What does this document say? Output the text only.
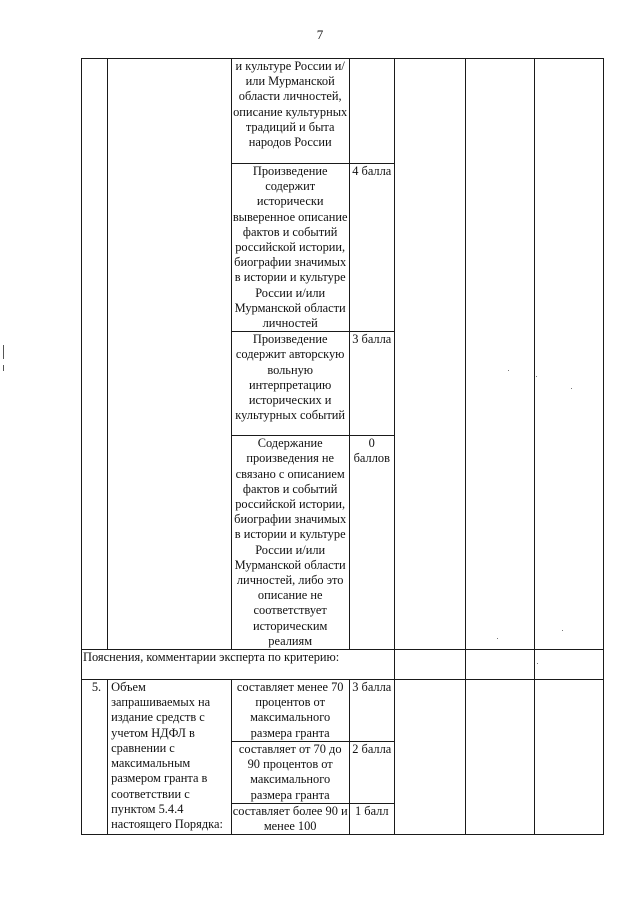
7
		и культуре России и/или Мурманской области личностей, описание культурных традиций и быта народов России				
		Произведение содержит исторически выверенное описание фактов и событий российской истории, биографии значимых в истории и культуре России и/или Мурманской области личностей	4 балла			
		Произведение содержит авторскую вольную интерпретацию исторических и культурных событий	3 балла			
		Содержание произведения не связано с описанием фактов и событий российской истории, биографии значимых в истории и культуре России и/или Мурманской области личностей, либо это описание не соответствует историческим реалиям	0 баллов			
Пояснения, комментарии эксперта по критерию:						
5.	Объем запрашиваемых на издание средств с учетом НДФЛ в сравнении с максимальным размером гранта в соответствии с пунктом 5.4.4 настоящего Порядка:	составляет менее 70 процентов от максимального размера гранта	3 балла			
		составляет от 70 до 90 процентов от максимального размера гранта	2 балла			
		составляет более 90 и менее 100	1 балл			
